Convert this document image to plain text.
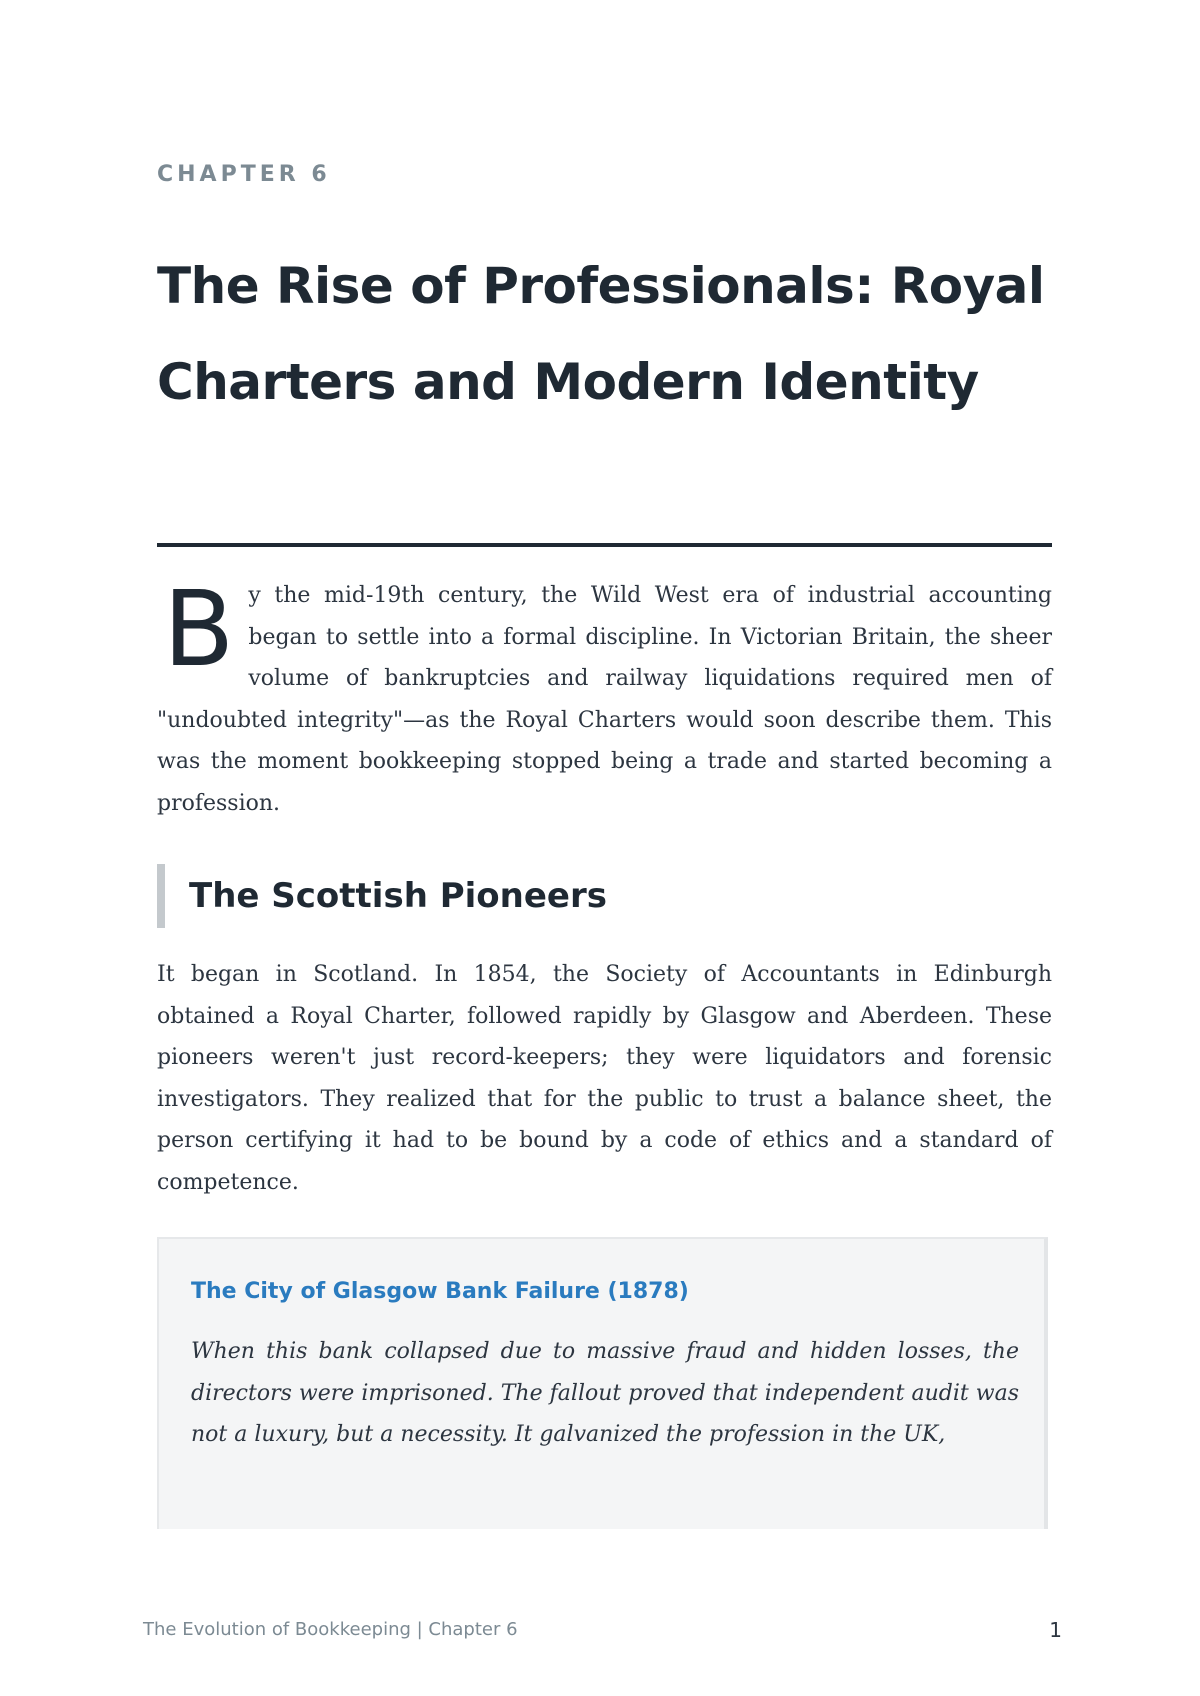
CHAPTER 6

The Rise of Professionals: Royal Charters and Modern Identity

By the mid-19th century, the Wild West era of industrial accounting began to settle into a formal discipline. In Victorian Britain, the sheer volume of bankruptcies and railway liquidations required men of "undoubted integrity"—as the Royal Charters would soon describe them. This was the moment bookkeeping stopped being a trade and started becoming a profession.

The Scottish Pioneers

It began in Scotland. In 1854, the Society of Accountants in Edinburgh obtained a Royal Charter, followed rapidly by Glasgow and Aberdeen. These pioneers weren't just record-keepers; they were liquidators and forensic investigators. They realized that for the public to trust a balance sheet, the person certifying it had to be bound by a code of ethics and a standard of competence.

The City of Glasgow Bank Failure (1878)

When this bank collapsed due to massive fraud and hidden losses, the directors were imprisoned. The fallout proved that independent audit was not a luxury, but a necessity. It galvanized the profession in the UK,

The Evolution of Bookkeeping | Chapter 6	1
